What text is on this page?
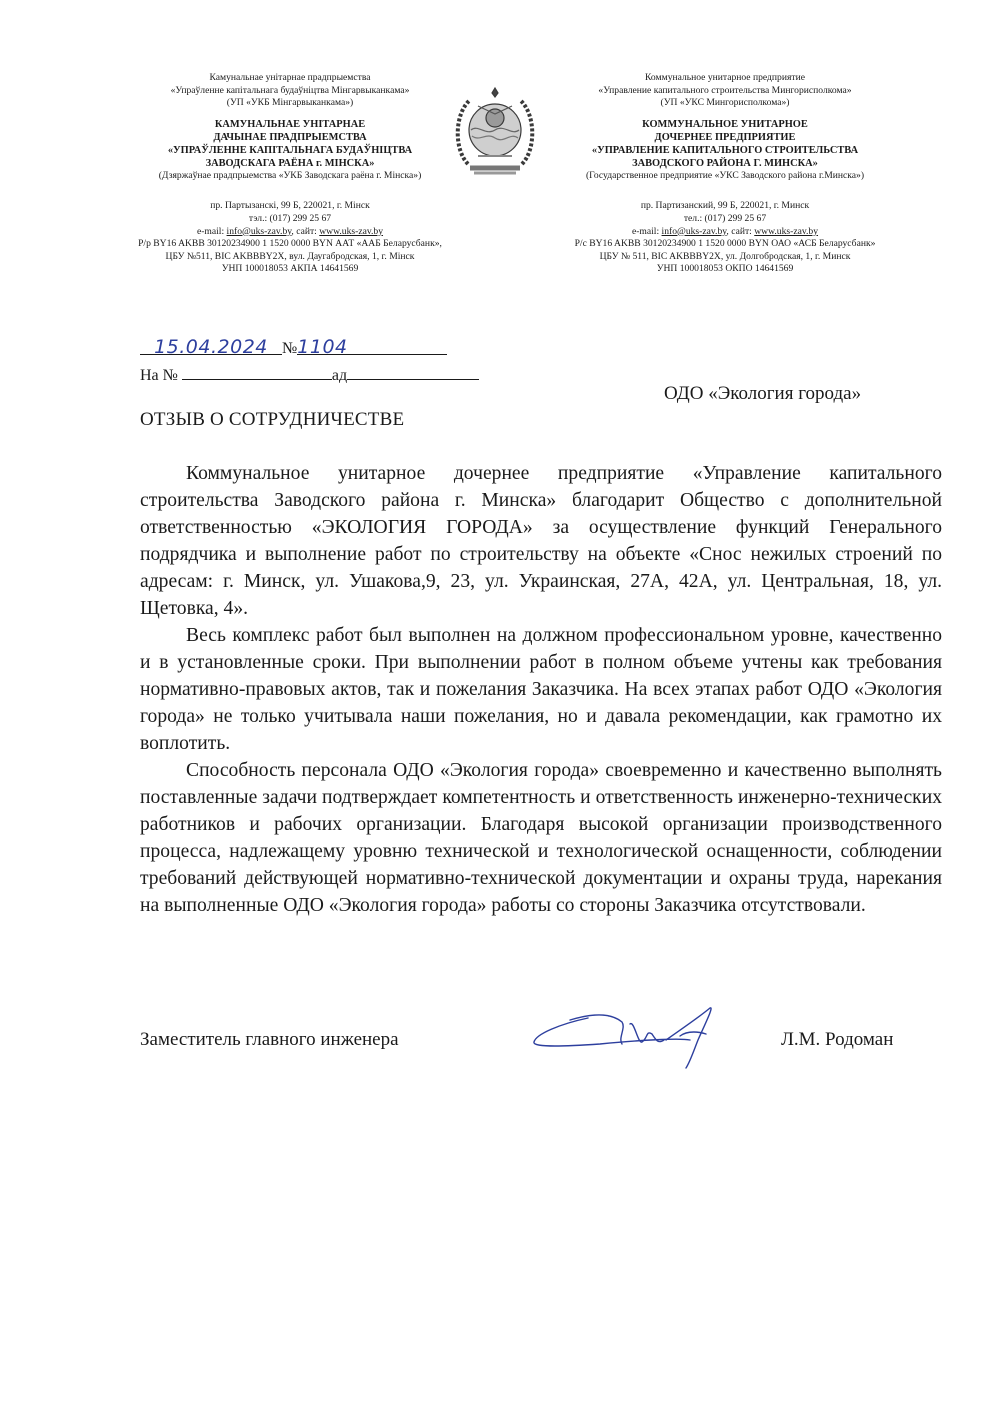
Камунальнае унітарнае прадпрыемства
«Упраўленне капітальнага будаўніцтва Мінгарвыканкама»
(УП «УКБ Мінгарвыканкама»)
КАМУНАЛЬНАЕ УНІТАРНАЕ
ДАЧЫНАЕ ПРАДПРЫЕМСТВА
«УПРАЎЛЕННЕ КАПІТАЛЬНАГА БУДАЎНІЦТВА
ЗАВОДСКАГА РАЁНА г. МІНСКА»
(Дзяржаўнае прадпрыемства «УКБ Заводскага раёна г. Мінска»)
пр. Партызанскі, 99 Б, 220021, г. Мінск
тэл.: (017) 299 25 67
e-mail: info@uks-zav.by, сайт: www.uks-zav.by
Р/р BY16 AKBB 30120234900 1 1520 0000 BYN ААТ «ААБ Беларусбанк»,
ЦБУ №511, BIC AKBBBY2X, вул. Даугабродская, 1, г. Мінск
УНП 100018053 АКПА 14641569
Коммунальное унитарное предприятие
«Управление капитального строительства Мингорисполкома»
(УП «УКС Мингорисполкома»)
КОММУНАЛЬНОЕ УНИТАРНОЕ
ДОЧЕРНЕЕ ПРЕДПРИЯТИЕ
«УПРАВЛЕНИЕ КАПИТАЛЬНОГО СТРОИТЕЛЬСТВА
ЗАВОДСКОГО РАЙОНА Г. МИНСКА»
(Государственное предприятие «УКС Заводского района г.Минска»)
пр. Партизанский, 99 Б, 220021, г. Минск
тел.: (017) 299 25 67
e-mail: info@uks-zav.by, сайт: www.uks-zav.by
Р/с BY16 AKBB 30120234900 1 1520 0000 BYN ОАО «АСБ Беларусбанк»
ЦБУ № 511, BIC AKBBBY2X, ул. Долгобродская, 1, г. Минск
УНП 100018053 ОКПО 14641569
15.04.2024 №1104
На №	ад
ОДО «Экология города»
ОТЗЫВ О СОТРУДНИЧЕСТВЕ

Коммунальное унитарное дочернее предприятие «Управление капитального строительства Заводского района г. Минска» благодарит Общество с дополнительной ответственностью «ЭКОЛОГИЯ ГОРОДА» за осуществление функций Генерального подрядчика и выполнение работ по строительству на объекте «Снос нежилых строений по адресам: г. Минск, ул. Ушакова,9, 23, ул. Украинская, 27А, 42А, ул. Центральная, 18, ул. Щетовка, 4».

Весь комплекс работ был выполнен на должном профессиональном уровне, качественно и в установленные сроки. При выполнении работ в полном объеме учтены как требования нормативно-правовых актов, так и пожелания Заказчика. На всех этапах работ ОДО «Экология города» не только учитывала наши пожелания, но и давала рекомендации, как грамотно их воплотить.

Способность персонала ОДО «Экология города» своевременно и качественно выполнять поставленные задачи подтверждает компетентность и ответственность инженерно-технических работников и рабочих организации. Благодаря высокой организации производственного процесса, надлежащему уровню технической и технологической оснащенности, соблюдении требований действующей нормативно-технической документации и охраны труда, нарекания на выполненные ОДО «Экология города» работы со стороны Заказчика отсутствовали.

Заместитель главного инженера	Л.М. Родоман
